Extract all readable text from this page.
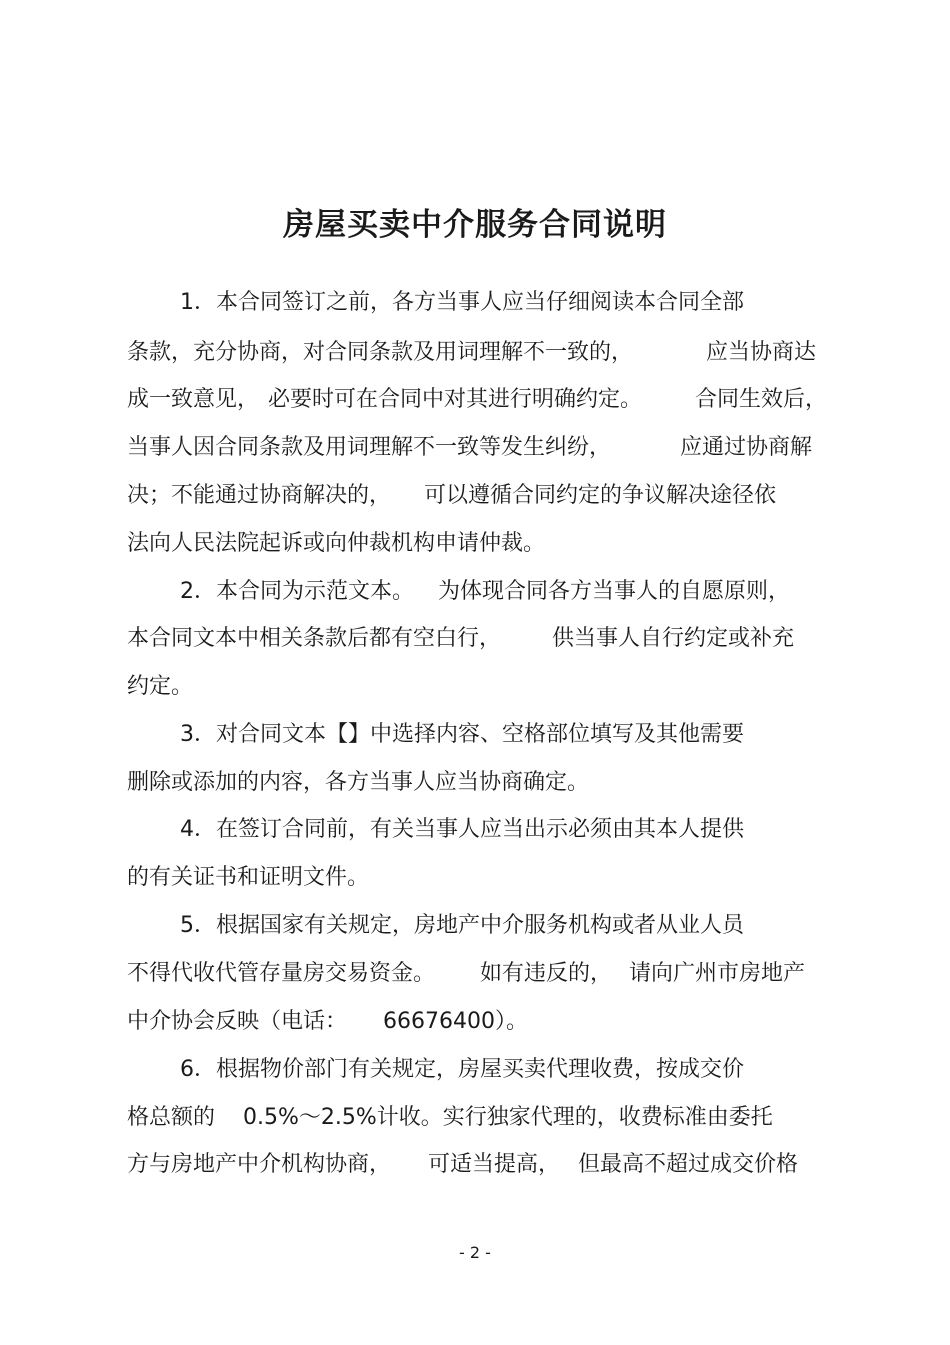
房屋买卖中介服务合同说明
1．本合同签订之前，各方当事人应当仔细阅读本合同全部
条款，充分协商，对合同条款及用词理解不一致的，	应当协商达
成一致意见， 必要时可在合同中对其进行明确约定。 合同生效后，
当事人因合同条款及用词理解不一致等发生纠纷，	应通过协商解
决；不能通过协商解决的， 可以遵循合同约定的争议解决途径依
法向人民法院起诉或向仲裁机构申请仲裁。
2．本合同为示范文本。 为体现合同各方当事人的自愿原则，
本合同文本中相关条款后都有空白行， 供当事人自行约定或补充
约定。
3．对合同文本【】中选择内容、空格部位填写及其他需要
删除或添加的内容，各方当事人应当协商确定。
4．在签订合同前，有关当事人应当出示必须由其本人提供
的有关证书和证明文件。
5．根据国家有关规定，房地产中介服务机构或者从业人员
不得代收代管存量房交易资金。 如有违反的， 请向广州市房地产
中介协会反映（电话： 66676400）。
6．根据物价部门有关规定，房屋买卖代理收费，按成交价
格总额的 0.5%～2.5%计收。实行独家代理的，收费标准由委托
方与房地产中介机构协商， 可适当提高， 但最高不超过成交价格
- 2 -
